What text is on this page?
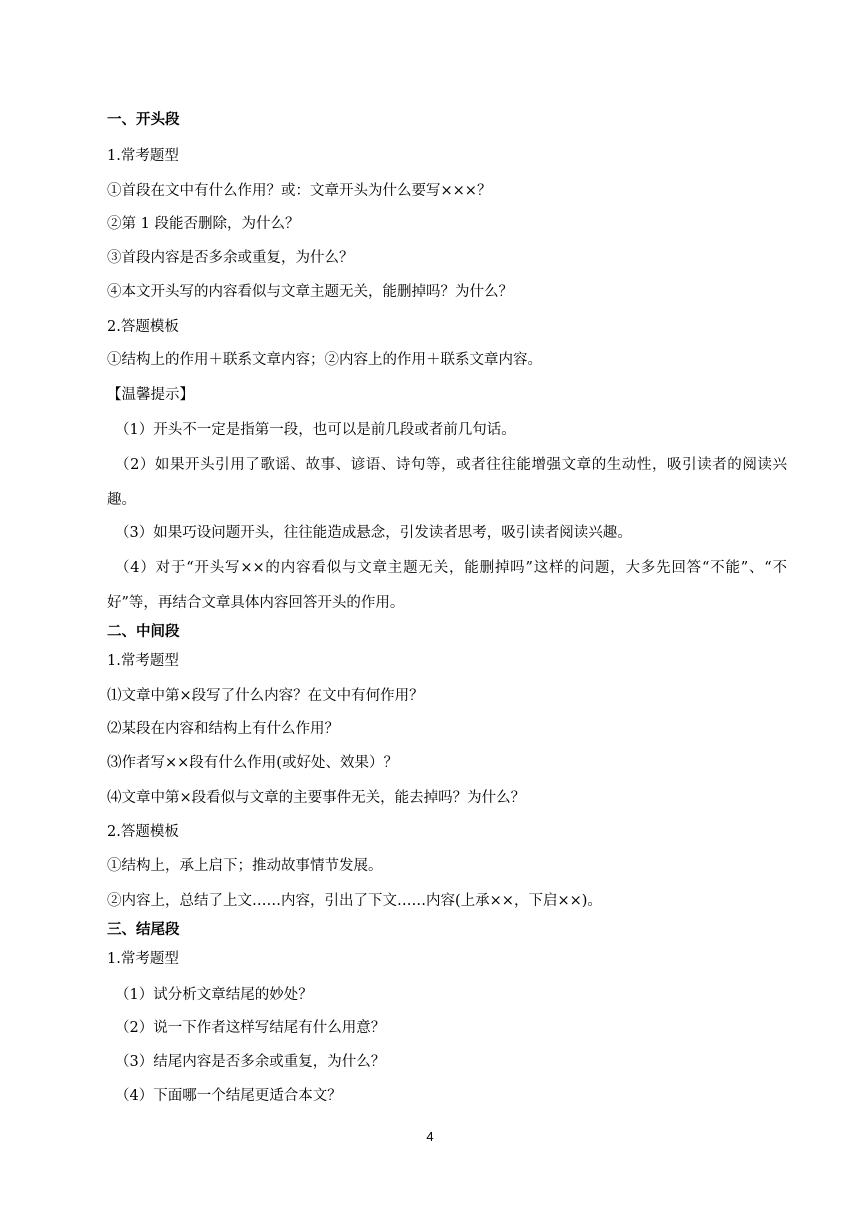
一、开头段
1.常考题型
①首段在文中有什么作用？或：文章开头为什么要写×××？
②第 1 段能否删除，为什么？
③首段内容是否多余或重复，为什么？
④本文开头写的内容看似与文章主题无关，能删掉吗？为什么？
2.答题模板
①结构上的作用＋联系文章内容；②内容上的作用＋联系文章内容。
【温馨提示】
（1）开头不一定是指第一段，也可以是前几段或者前几句话。
（2）如果开头引用了歌谣、故事、谚语、诗句等，或者往往能增强文章的生动性，吸引读者的阅读兴趣。
（3）如果巧设问题开头，往往能造成悬念，引发读者思考，吸引读者阅读兴趣。
（4）对于“开头写××的内容看似与文章主题无关，能删掉吗”这样的问题，大多先回答“不能”、“不好”等，再结合文章具体内容回答开头的作用。
二、中间段
1.常考题型
⑴文章中第×段写了什么内容？在文中有何作用？
⑵某段在内容和结构上有什么作用？
⑶作者写××段有什么作用(或好处、效果）？
⑷文章中第×段看似与文章的主要事件无关，能去掉吗？为什么？
2.答题模板
①结构上，承上启下；推动故事情节发展。
②内容上，总结了上文……内容，引出了下文……内容(上承××，下启××)。
三、结尾段
1.常考题型
（1）试分析文章结尾的妙处？
（2）说一下作者这样写结尾有什么用意？
（3）结尾内容是否多余或重复，为什么？
（4）下面哪一个结尾更适合本文？
4
